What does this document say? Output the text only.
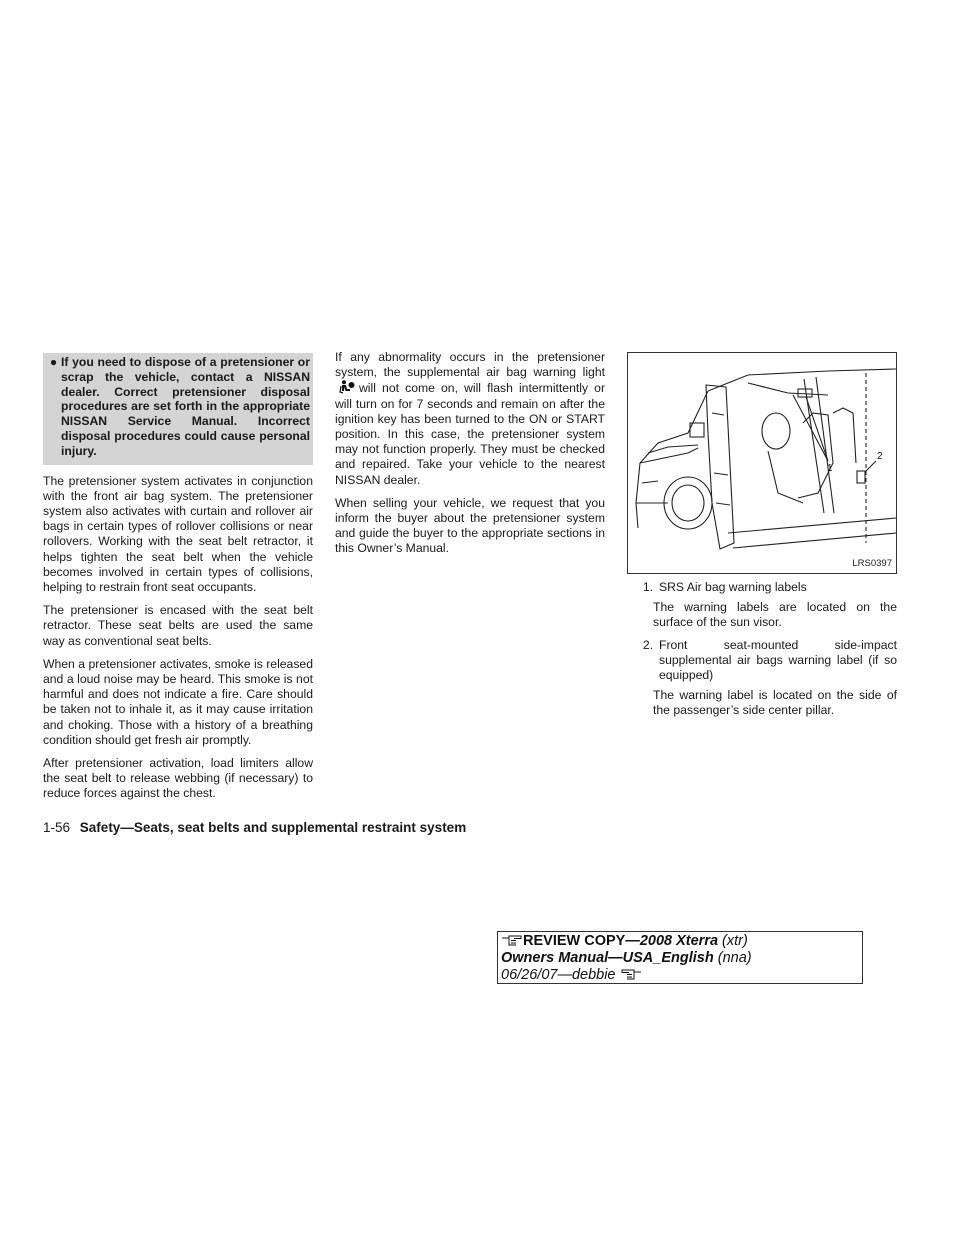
● If you need to dispose of a pretensioner or scrap the vehicle, contact a NISSAN dealer. Correct pretensioner disposal procedures are set forth in the appropriate NISSAN Service Manual. Incorrect disposal procedures could cause personal injury.

The pretensioner system activates in conjunction with the front air bag system. The pretensioner system also activates with curtain and rollover air bags in certain types of rollover collisions or near rollovers. Working with the seat belt retractor, it helps tighten the seat belt when the vehicle becomes involved in certain types of collisions, helping to restrain front seat occupants.

The pretensioner is encased with the seat belt retractor. These seat belts are used the same way as conventional seat belts.

When a pretensioner activates, smoke is released and a loud noise may be heard. This smoke is not harmful and does not indicate a fire. Care should be taken not to inhale it, as it may cause irritation and choking. Those with a history of a breathing condition should get fresh air promptly.

After pretensioner activation, load limiters allow the seat belt to release webbing (if necessary) to reduce forces against the chest.

If any abnormality occurs in the pretensioner system, the supplemental air bag warning lightwill not come on, will flash intermittently or will turn on for 7 seconds and remain on after the ignition key has been turned to the ON or START position. In this case, the pretensioner system may not function properly. They must be checked and repaired. Take your vehicle to the nearest NISSAN dealer.

When selling your vehicle, we request that you inform the buyer about the pretensioner system and guide the buyer to the appropriate sections in this Owner’s Manual.

1
2
LRS0397
1. SRS Air bag warning labels
The warning labels are located on the surface of the sun visor.
2. Front seat-mounted side-impact supplemental air bags warning label (if so equipped)
The warning label is located on the side of the passenger’s side center pillar.
1-56 Safety—Seats, seat belts and supplemental restraint system
REVIEW COPY—2008 Xterra (xtr)
Owners Manual—USA_English (nna)
06/26/07—debbie
